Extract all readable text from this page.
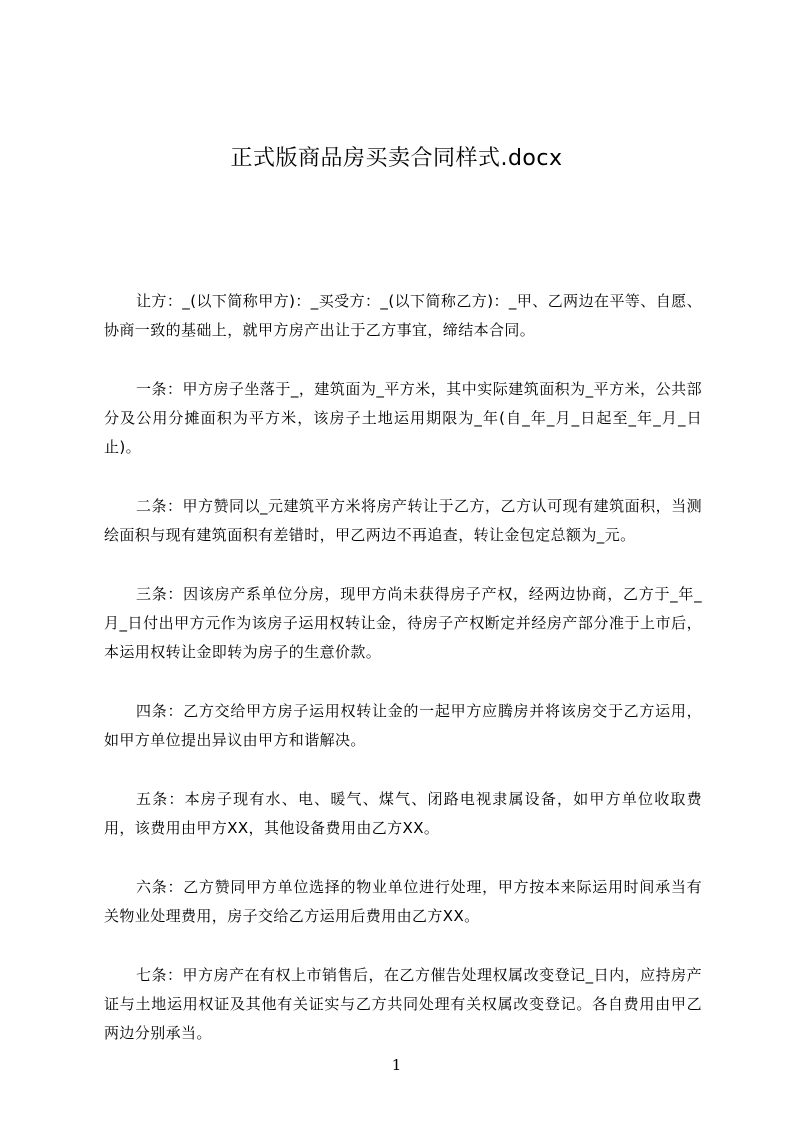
正式版商品房买卖合同样式.docx

让方：_(以下简称甲方)：_买受方：_(以下简称乙方)：_甲、乙两边在平等、自愿、协商一致的基础上，就甲方房产出让于乙方事宜，缔结本合同。

一条：甲方房子坐落于_，建筑面为_平方米，其中实际建筑面积为_平方米，公共部分及公用分摊面积为平方米，该房子土地运用期限为_年(自_年_月_日起至_年_月_日止)。

二条：甲方赞同以_元建筑平方米将房产转让于乙方，乙方认可现有建筑面积，当测绘面积与现有建筑面积有差错时，甲乙两边不再追查，转让金包定总额为_元。

三条：因该房产系单位分房，现甲方尚未获得房子产权，经两边协商，乙方于_年_月_日付出甲方元作为该房子运用权转让金，待房子产权断定并经房产部分准于上市后，本运用权转让金即转为房子的生意价款。

四条：乙方交给甲方房子运用权转让金的一起甲方应腾房并将该房交于乙方运用，如甲方单位提出异议由甲方和谐解决。

五条：本房子现有水、电、暖气、煤气、闭路电视隶属设备，如甲方单位收取费用，该费用由甲方XX，其他设备费用由乙方XX。

六条：乙方赞同甲方单位选择的物业单位进行处理，甲方按本来际运用时间承当有关物业处理费用，房子交给乙方运用后费用由乙方XX。

七条：甲方房产在有权上市销售后，在乙方催告处理权属改变登记_日内，应持房产证与土地运用权证及其他有关证实与乙方共同处理有关权属改变登记。各自费用由甲乙两边分别承当。

1
